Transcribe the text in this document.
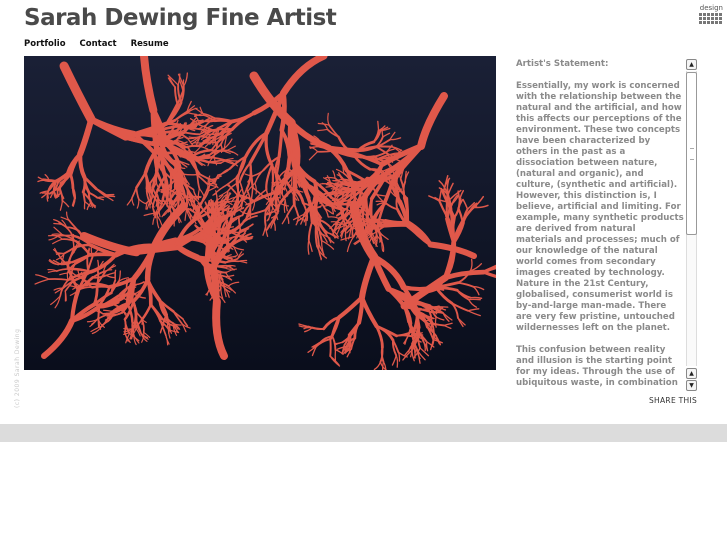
Sarah Dewing Fine Artist
Portfolio Contact Resume
design
(c) 2009 Sarah Dewing

Artist's Statement:

Essentially, my work is concerned with the relationship between the natural and the artificial, and how this affects our perceptions of the environment. These two concepts have been characterized by others in the past as a dissociation between nature, (natural and organic), and culture, (synthetic and artificial). However, this distinction is, I believe, artificial and limiting. For example, many synthetic products are derived from natural materials and processes; much of our knowledge of the natural world comes from secondary images created by technology. Nature in the 21st Century, globalised, consumerist world is by-and-large man-made. There are very few pristine, untouched wildernesses left on the planet.

This confusion between reality and illusion is the starting point for my ideas. Through the use of ubiquitous waste, in combination

▲
▲
▼
SHARE THIS
